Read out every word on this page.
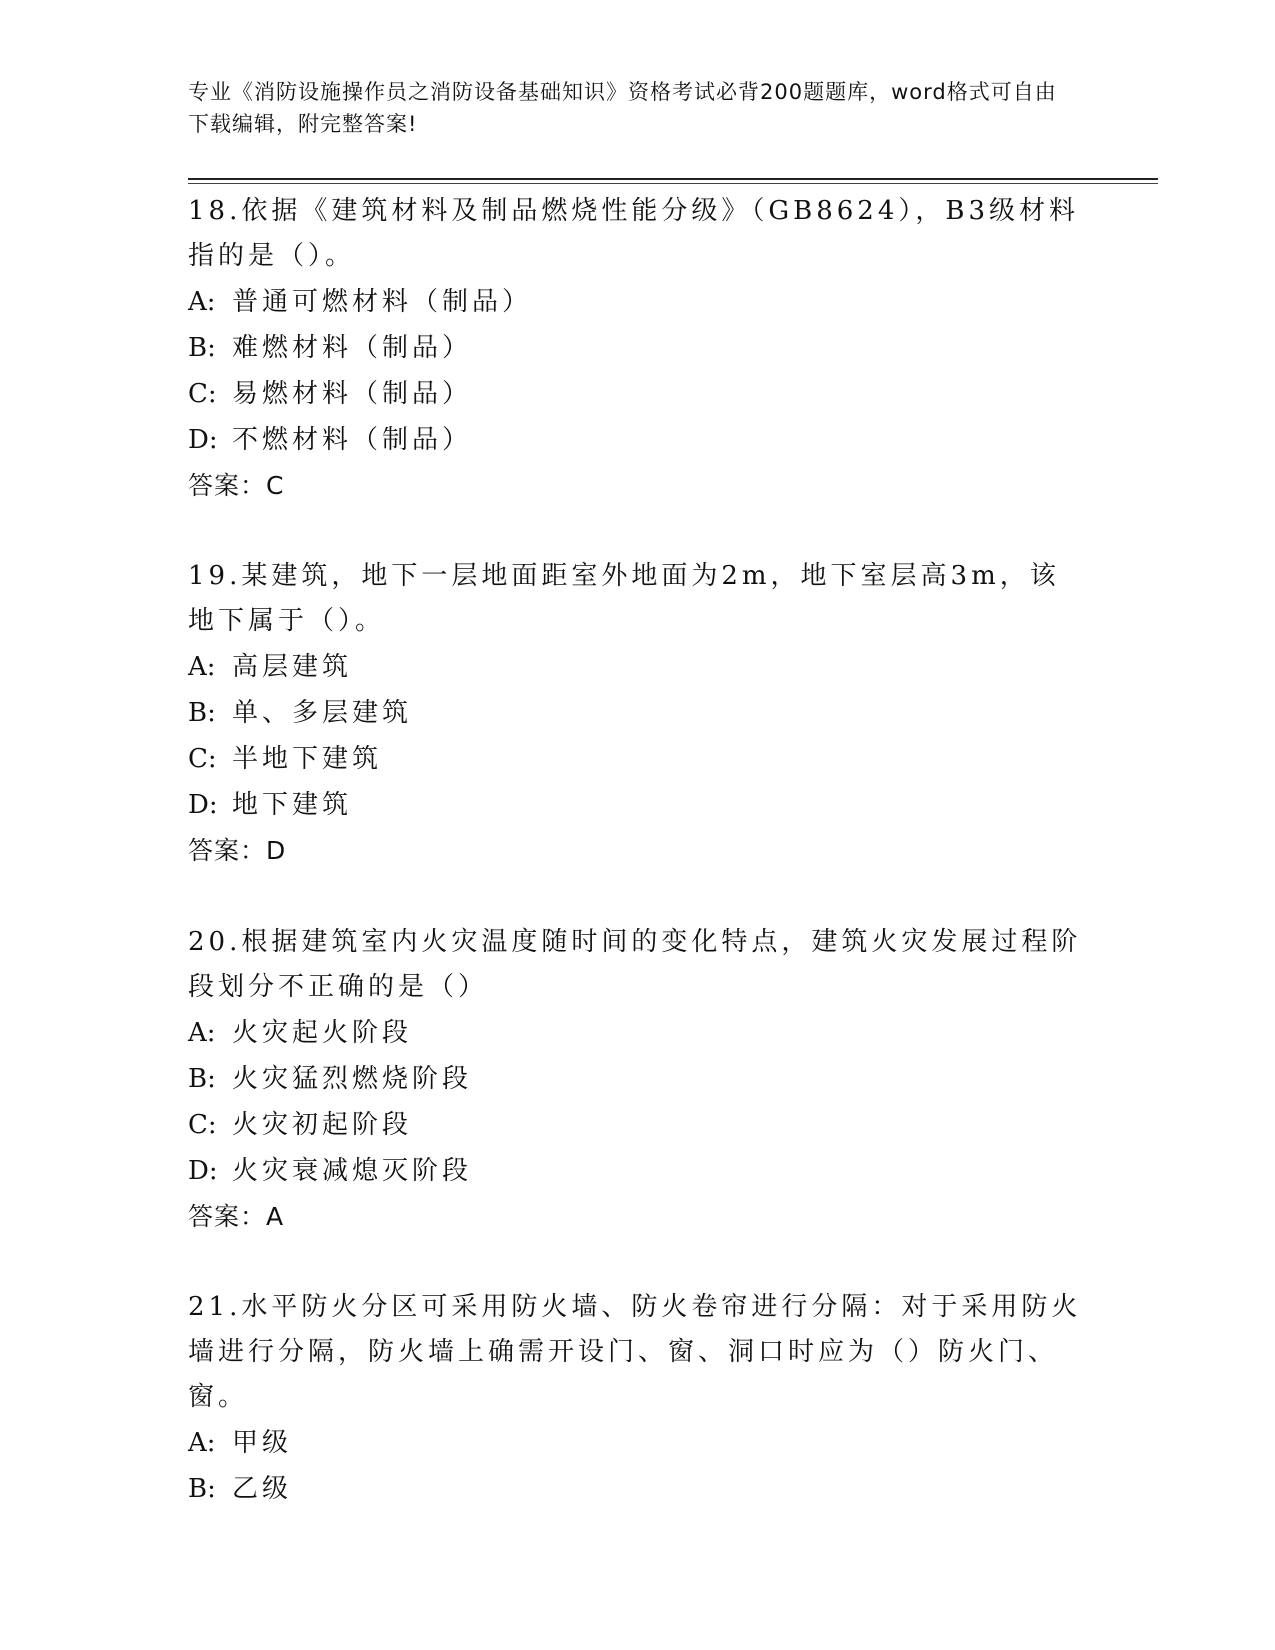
专业《消防设施操作员之消防设备基础知识》资格考试必背200题题库，word格式可自由下载编辑，附完整答案!

18.依据《建筑材料及制品燃烧性能分级》（GB8624），B3级材料指的是（）。

A: 普通可燃材料（制品）
B: 难燃材料（制品）
C: 易燃材料（制品）
D: 不燃材料（制品）
答案：C

19.某建筑，地下一层地面距室外地面为2m，地下室层高3m，该地下属于（）。

A: 高层建筑
B: 单、多层建筑
C: 半地下建筑
D: 地下建筑
答案：D

20.根据建筑室内火灾温度随时间的变化特点，建筑火灾发展过程阶段划分不正确的是（）

A: 火灾起火阶段
B: 火灾猛烈燃烧阶段
C: 火灾初起阶段
D: 火灾衰减熄灭阶段
答案：A

21.水平防火分区可采用防火墙、防火卷帘进行分隔：对于采用防火墙进行分隔，防火墙上确需开设门、窗、洞口时应为（）防火门、窗。

A: 甲级
B: 乙级
